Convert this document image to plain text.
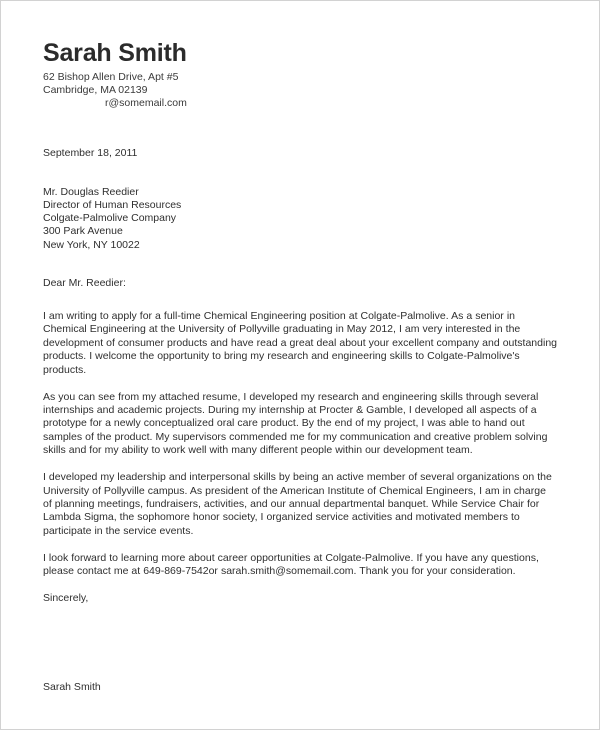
Sarah Smith
62 Bishop Allen Drive, Apt #5
Cambridge, MA 02139
r@somemail.com
September 18, 2011
Mr. Douglas Reedier
Director of Human Resources
Colgate-Palmolive Company
300 Park Avenue
New York, NY 10022
Dear Mr. Reedier:

I am writing to apply for a full-time Chemical Engineering position at Colgate-Palmolive. As a senior in Chemical Engineering at the University of Pollyville graduating in May 2012, I am very interested in the development of consumer products and have read a great deal about your excellent company and outstanding products. I welcome the opportunity to bring my research and engineering skills to Colgate-Palmolive's products.

As you can see from my attached resume, I developed my research and engineering skills through several internships and academic projects. During my internship at Procter & Gamble, I developed all aspects of a prototype for a newly conceptualized oral care product. By the end of my project, I was able to hand out samples of the product. My supervisors commended me for my communication and creative problem solving skills and for my ability to work well with many different people within our development team.

I developed my leadership and interpersonal skills by being an active member of several organizations on the University of Pollyville campus. As president of the American Institute of Chemical Engineers, I am in charge of planning meetings, fundraisers, activities, and our annual departmental banquet. While Service Chair for Lambda Sigma, the sophomore honor society, I organized service activities and motivated members to participate in the service events.

I look forward to learning more about career opportunities at Colgate-Palmolive. If you have any questions, please contact me at 649-869-7542or sarah.smith@somemail.com. Thank you for your consideration.

Sincerely,
Sarah Smith
